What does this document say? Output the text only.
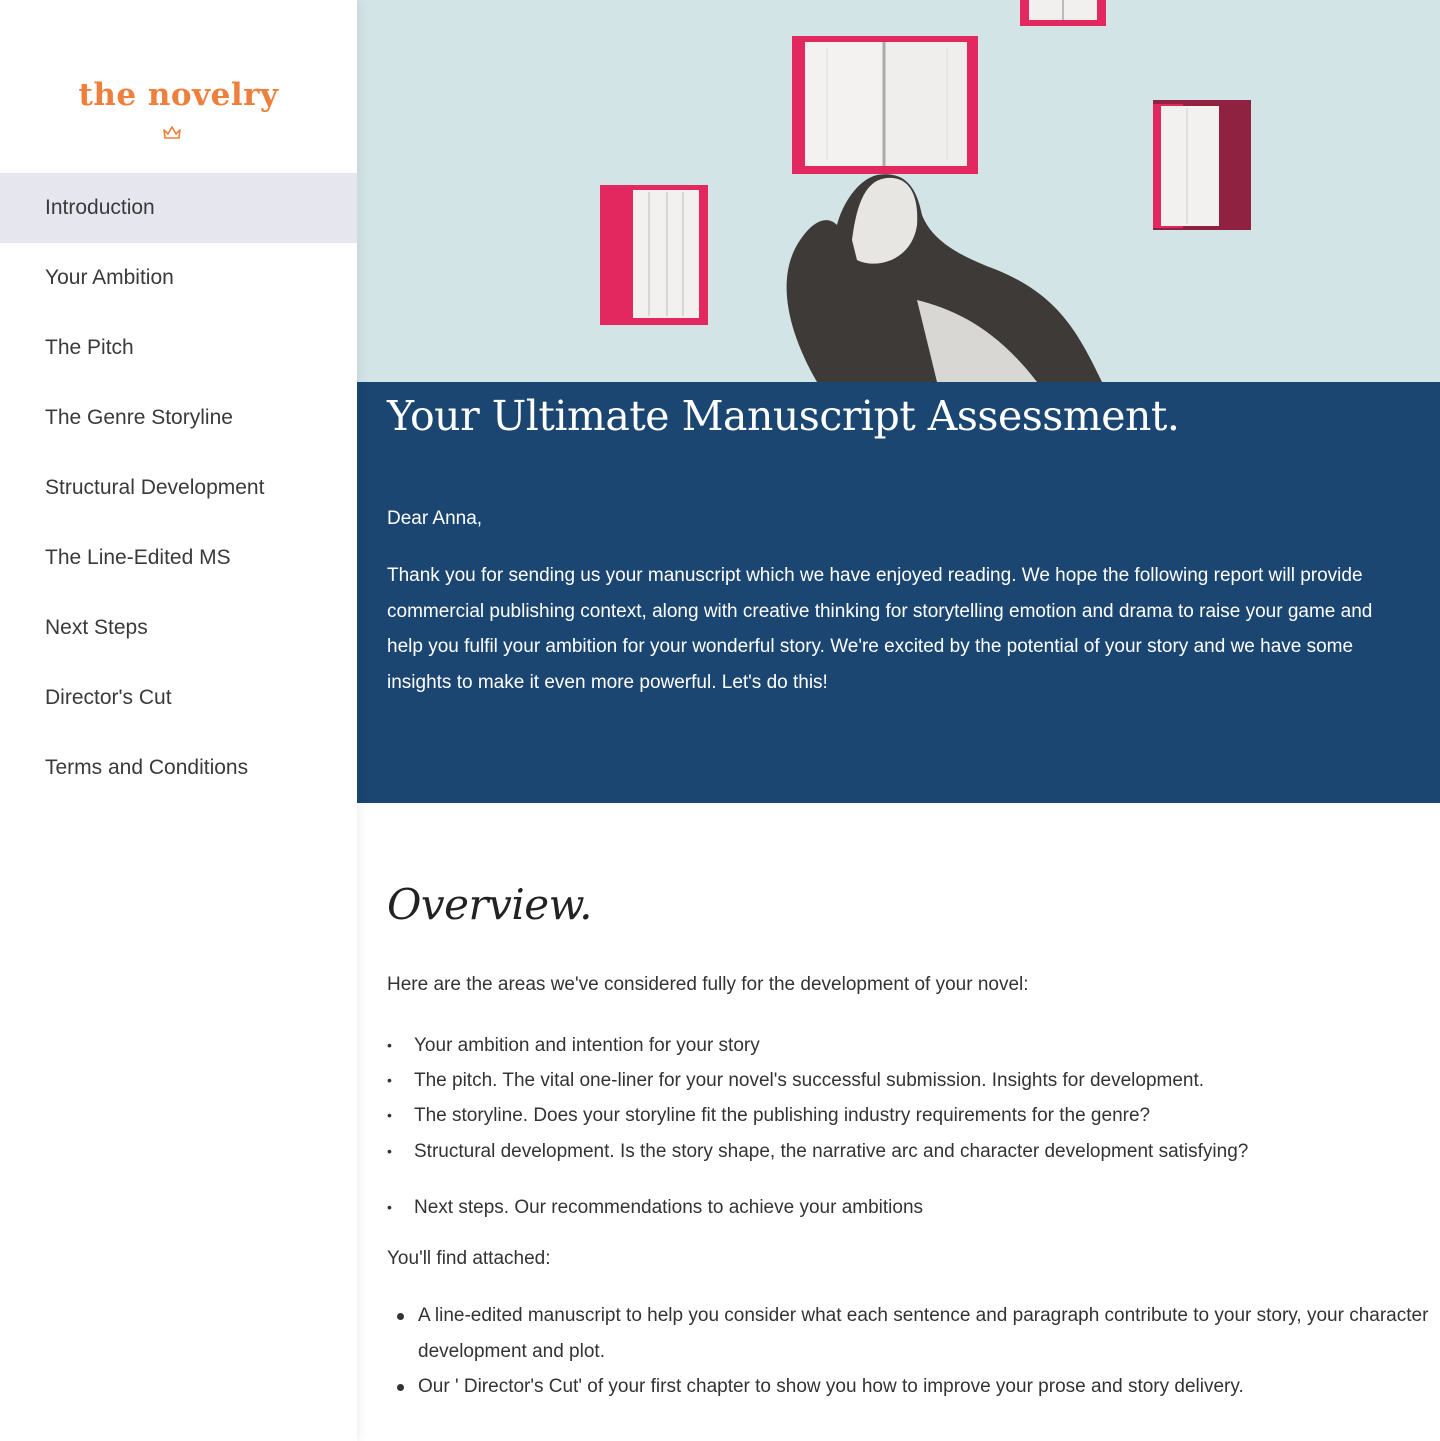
the novelry
Introduction
Your Ambition
The Pitch
The Genre Storyline
Structural Development
The Line-Edited MS
Next Steps
Director's Cut
Terms and Conditions
Your Ultimate Manuscript Assessment.

Dear Anna,

Thank you for sending us your manuscript which we have enjoyed reading. We hope the following report will provide commercial publishing context, along with creative thinking for storytelling emotion and drama to raise your game and help you fulfil your ambition for your wonderful story. We're excited by the potential of your story and we have some insights to make it even more powerful. Let's do this!

Overview.

Here are the areas we've considered fully for the development of your novel:

• Your ambition and intention for your story
• The pitch. The vital one-liner for your novel's successful submission. Insights for development.
• The storyline. Does your storyline fit the publishing industry requirements for the genre?
• Structural development. Is the story shape, the narrative arc and character development satisfying?
• Next steps. Our recommendations to achieve your ambitions

You'll find attached:

A line-edited manuscript to help you consider what each sentence and paragraph contribute to your story, your character development and plot.
Our ' Director's Cut' of your first chapter to show you how to improve your prose and story delivery.
